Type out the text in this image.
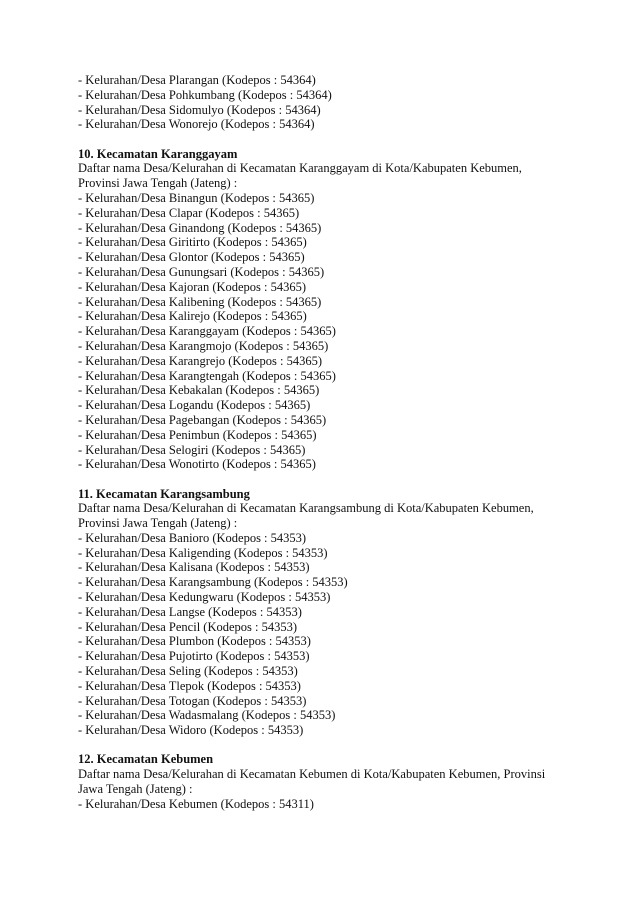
- Kelurahan/Desa Plarangan (Kodepos : 54364)
- Kelurahan/Desa Pohkumbang (Kodepos : 54364)
- Kelurahan/Desa Sidomulyo (Kodepos : 54364)
- Kelurahan/Desa Wonorejo (Kodepos : 54364)
10. Kecamatan Karanggayam
Daftar nama Desa/Kelurahan di Kecamatan Karanggayam di Kota/Kabupaten Kebumen,
Provinsi Jawa Tengah (Jateng) :
- Kelurahan/Desa Binangun (Kodepos : 54365)
- Kelurahan/Desa Clapar (Kodepos : 54365)
- Kelurahan/Desa Ginandong (Kodepos : 54365)
- Kelurahan/Desa Giritirto (Kodepos : 54365)
- Kelurahan/Desa Glontor (Kodepos : 54365)
- Kelurahan/Desa Gunungsari (Kodepos : 54365)
- Kelurahan/Desa Kajoran (Kodepos : 54365)
- Kelurahan/Desa Kalibening (Kodepos : 54365)
- Kelurahan/Desa Kalirejo (Kodepos : 54365)
- Kelurahan/Desa Karanggayam (Kodepos : 54365)
- Kelurahan/Desa Karangmojo (Kodepos : 54365)
- Kelurahan/Desa Karangrejo (Kodepos : 54365)
- Kelurahan/Desa Karangtengah (Kodepos : 54365)
- Kelurahan/Desa Kebakalan (Kodepos : 54365)
- Kelurahan/Desa Logandu (Kodepos : 54365)
- Kelurahan/Desa Pagebangan (Kodepos : 54365)
- Kelurahan/Desa Penimbun (Kodepos : 54365)
- Kelurahan/Desa Selogiri (Kodepos : 54365)
- Kelurahan/Desa Wonotirto (Kodepos : 54365)
11. Kecamatan Karangsambung
Daftar nama Desa/Kelurahan di Kecamatan Karangsambung di Kota/Kabupaten Kebumen,
Provinsi Jawa Tengah (Jateng) :
- Kelurahan/Desa Banioro (Kodepos : 54353)
- Kelurahan/Desa Kaligending (Kodepos : 54353)
- Kelurahan/Desa Kalisana (Kodepos : 54353)
- Kelurahan/Desa Karangsambung (Kodepos : 54353)
- Kelurahan/Desa Kedungwaru (Kodepos : 54353)
- Kelurahan/Desa Langse (Kodepos : 54353)
- Kelurahan/Desa Pencil (Kodepos : 54353)
- Kelurahan/Desa Plumbon (Kodepos : 54353)
- Kelurahan/Desa Pujotirto (Kodepos : 54353)
- Kelurahan/Desa Seling (Kodepos : 54353)
- Kelurahan/Desa Tlepok (Kodepos : 54353)
- Kelurahan/Desa Totogan (Kodepos : 54353)
- Kelurahan/Desa Wadasmalang (Kodepos : 54353)
- Kelurahan/Desa Widoro (Kodepos : 54353)
12. Kecamatan Kebumen
Daftar nama Desa/Kelurahan di Kecamatan Kebumen di Kota/Kabupaten Kebumen, Provinsi
Jawa Tengah (Jateng) :
- Kelurahan/Desa Kebumen (Kodepos : 54311)
